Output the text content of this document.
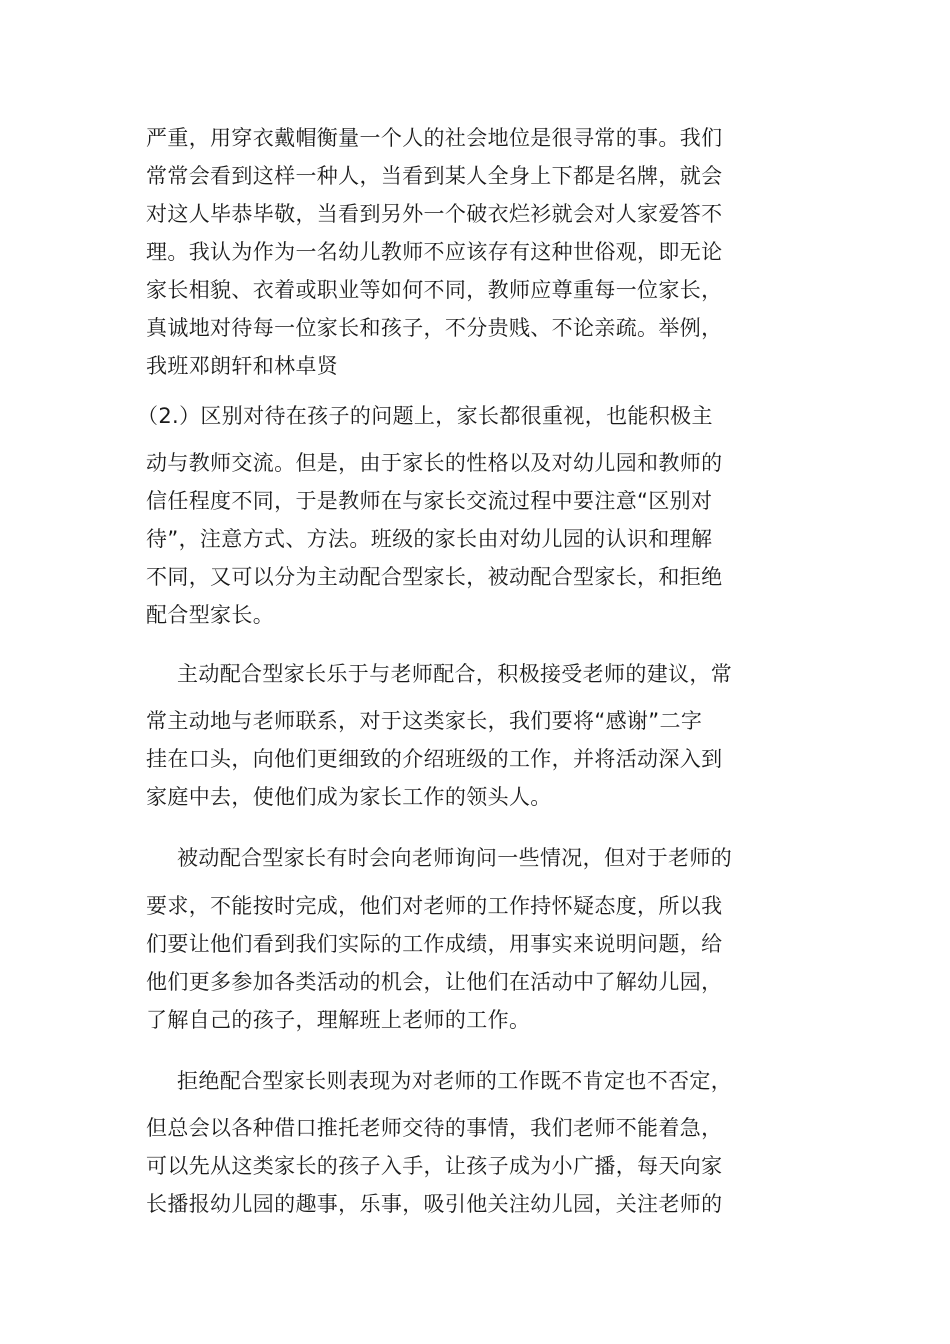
严重，用穿衣戴帽衡量一个人的社会地位是很寻常的事。我们
常常会看到这样一种人，当看到某人全身上下都是名牌，就会
对这人毕恭毕敬，当看到另外一个破衣烂衫就会对人家爱答不
理。我认为作为一名幼儿教师不应该存有这种世俗观，即无论
家长相貌、衣着或职业等如何不同，教师应尊重每一位家长，
真诚地对待每一位家长和孩子，不分贵贱、不论亲疏。举例，
我班邓朗轩和林卓贤
（2.）区别对待在孩子的问题上，家长都很重视，也能积极主
动与教师交流。但是，由于家长的性格以及对幼儿园和教师的
信任程度不同，于是教师在与家长交流过程中要注意“区别对
待”，注意方式、方法。班级的家长由对幼儿园的认识和理解
不同，又可以分为主动配合型家长，被动配合型家长，和拒绝
配合型家长。
主动配合型家长乐于与老师配合，积极接受老师的建议，常
常主动地与老师联系，对于这类家长，我们要将“感谢”二字
挂在口头，向他们更细致的介绍班级的工作，并将活动深入到
家庭中去，使他们成为家长工作的领头人。
被动配合型家长有时会向老师询问一些情况，但对于老师的
要求，不能按时完成，他们对老师的工作持怀疑态度，所以我
们要让他们看到我们实际的工作成绩，用事实来说明问题，给
他们更多参加各类活动的机会，让他们在活动中了解幼儿园，
了解自己的孩子，理解班上老师的工作。
拒绝配合型家长则表现为对老师的工作既不肯定也不否定，
但总会以各种借口推托老师交待的事情，我们老师不能着急，
可以先从这类家长的孩子入手，让孩子成为小广播，每天向家
长播报幼儿园的趣事，乐事，吸引他关注幼儿园，关注老师的
